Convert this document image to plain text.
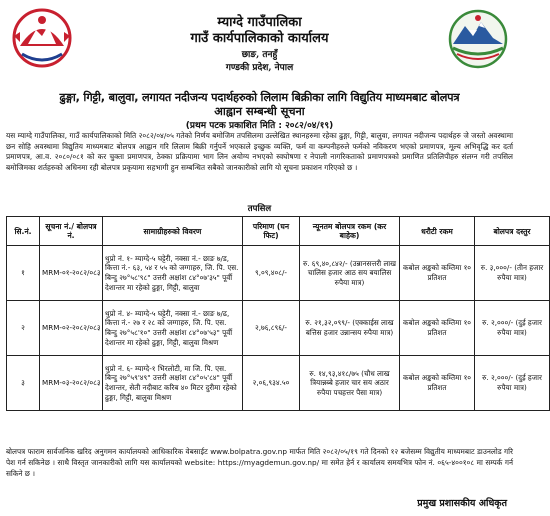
म्याग्दे गाउँपालिका
गाउँ कार्यपालिकाको कार्यालय
छाङ, तनहुँ
गण्डकी प्रदेश, नेपाल
ढुङ्गा, गिट्टी, बालुवा, लगायत नदीजन्य पदार्थहरुको लिलाम बिक्रीका लागि विद्युतिय माध्यमबाट बोलपत्र
आह्वान सम्बन्धी सूचना
(प्रथम पटक प्रकाशित मिति : २०८२/०४/१९)

यस म्याग्दे गाउँपालिका, गाउँ कार्यपालिकाको मिति २०८२/०४/०५ गतेको निर्णय बमोजिम तपसिलमा उल्लेखित स्थानहरुमा रहेका ढुङ्गा, गिट्टी, बालुवा, लगायत नदीजन्य पदार्थहरु जे जस्तो अवस्थामा छन सोहि अवस्थामा विद्युतिय माध्यमबाट बोलपत्र आह्वान गरि लिलाम बिक्री गर्नुपर्ने भएकाले इच्छुक व्यक्ति, फर्म वा कम्पनीहरुले फर्मको नविकरण भएको प्रमाणपत्र, मूल्य अभिवृद्धि कर दर्ता प्रमाणपत्र, आ.व. २०८०/०८१ को कर चुक्ता प्रमाणपत्र, ठेक्का प्रक्रियामा भाग लिन अयोग्य नभएको स्वघोषणा र नेपाली नागरिकताको प्रमाणपत्रको प्रमाणित प्रतिलिपीहरु संलग्न गरी तपसिल बमोजिमका शर्तहरुको अधिनमा रही बोलपत्र प्रकृयामा सहभागी हुन सम्बन्धित सबैको जानकारीको लागि यो सूचना प्रकाशन गरिएको छ ।

तपसिल
सि.नं.	सूचना नं./ बोलपत्र नं.	सामाग्रीहरुको विवरण	परिमाण (घन फिट)	न्यूनतम बोलपत्र रकम (कर बाहेक)	धरौटी रकम	बोलपत्र दस्तुर
१	MRM-०१-२०८२/०८३	थुप्रो नं. १- म्याग्दे-५ घट्टेरी, नक्सा नं.- छाङ ७/ड, कित्ता नं.- ६३, ५४ र ५५ को जग्गाहरु, जि. पि. एस. बिन्दु २७°५८'९८" उत्तरी अक्षांश ८४°०७'३५" पूर्वी देशान्तर मा रहेको ढुङ्गा, गिट्टी, बालुवा	९,०९,४०८/-	रु. ६९,४०,८४२/- (उन्नानसत्तरी लाख चालिस हजार आठ सय बयालिस रुपैया मात्र)	कबोल अङ्कको कम्तिमा १० प्रतिशत	रु. ३,०००/- (तीन हजार रुपैया मात्र)
२	MRM-०२-२०८२/०८३	थुप्रो नं. ४- म्याग्दे-५ घट्टेरी, नक्सा नं.- छाङ ७/ढ, कित्ता नं.- २७ र २८ को जग्गाहरु, जि. पि. एस. बिन्दु २७°५८'१०" उत्तरी अक्षांश ८४°०७'५३" पूर्वी देशान्तर मा रहेको ढुङ्गा, गिट्टी, बालुवा मिश्रण	२,७६,८९६/-	रु. २१,३२,०९९/- (एक्काईस लाख बत्तिस हजार उन्नान्सय रुपैया मात्र)	कबोल अङ्कको कम्तिमा १० प्रतिशत	रु. २,०००/- (दुई हजार रुपैया मात्र)
३	MRM-०३-२०८२/०८३	थुप्रो नं. ६- म्याग्दे-१ भिरलोटी, मा जि. पि. एस. बिन्दु २७°५९'४९" उत्तरी अक्षांश ८४°०५'८४" पूर्वी देशान्तर, सेती नदीबाट करिब ४० मिटर दुरीमा रहेको ढुङ्गा, गिट्टी, बालुवा मिश्रण	२,०६,९३४.५०	रु. १४,९३,४१८/७५ (चौध लाख त्रियान्नब्बे हजार चार सय अठार रुपैया पचहत्तर पैसा मात्र)	कबोल अङ्कको कम्तिमा १० प्रतिशत	रु. २,०००/- (दुई हजार रुपैया मात्र)

बोलपत्र फाराम सार्वजनिक खरिद अनुगमन कार्यालयको आधिकारिक वेबसाईट www.bolpatra.gov.np मार्फत मिति २०८२/०५/१९ गते दिनको १२ बजेसम्म विद्युतीय माध्यमबाट डाउनलोड गरि पेश गर्न सकिनेछ । साथै विस्तृत जानकारीको लागि यस कार्यालयको website: https://myagdemun.gov.np/ मा समेत हेर्न र कार्यालय समयभित्र फोन नं. ०६५-४००१०८ मा सम्पर्क गर्न सकिने छ ।

प्रमुख प्रशासकीय अधिकृत
